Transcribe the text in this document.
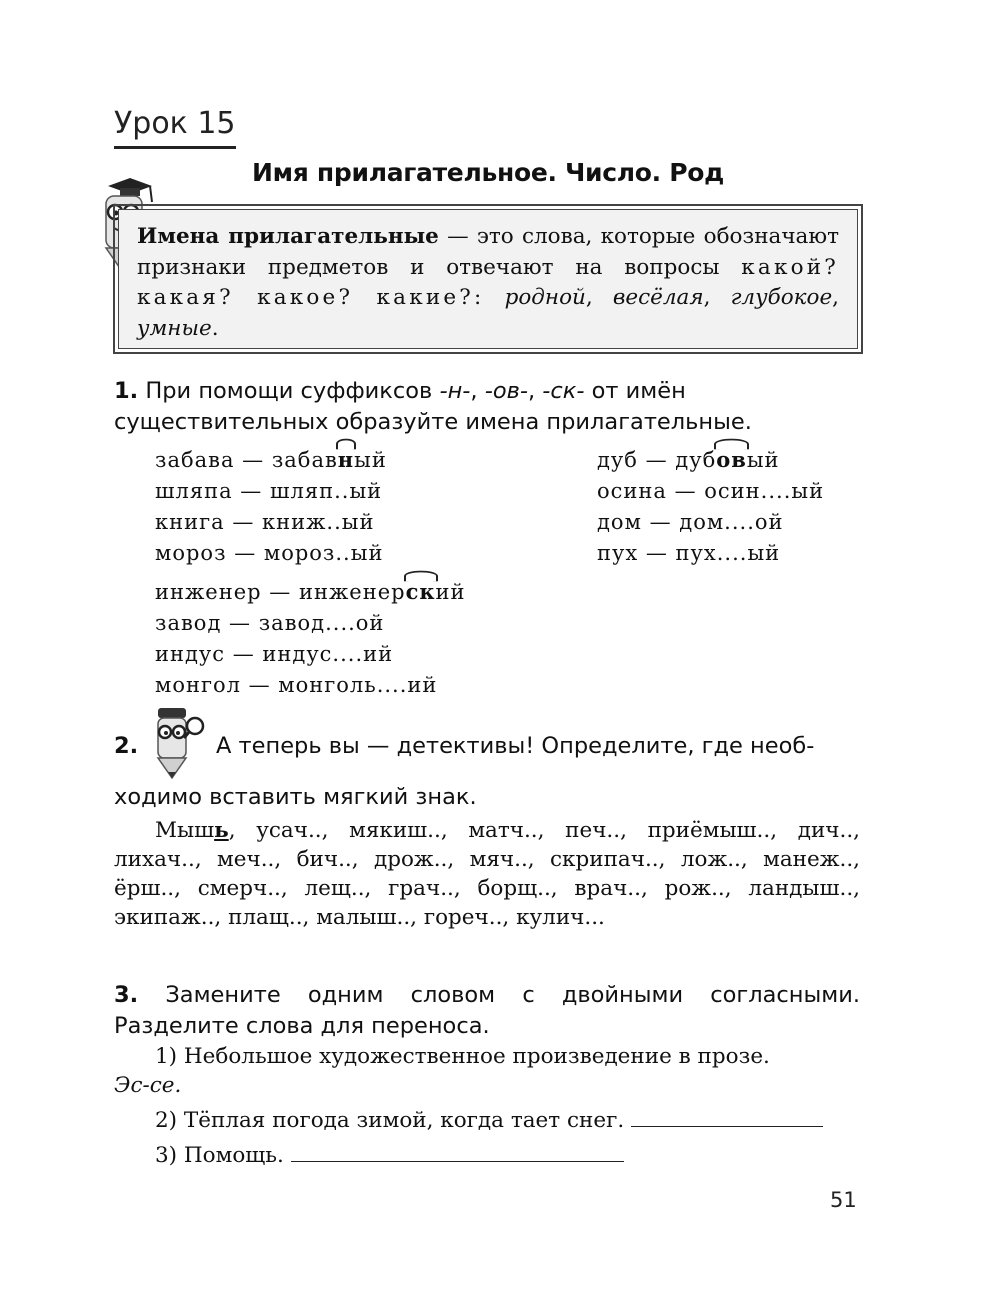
Урок 15
Имя прилагательное. Число. Род
Имена прилагательные — это слова, которые обозначают признаки предметов и отвечают на вопросы какой? какая? какое? какие?: родной, весёлая, глубокое, умные.
1. При помощи суффиксов -н-, -ов-, -ск- от имён существительных образуйте имена прилагательные.
забава — забавный
шляпа — шляп..ый
книга — книж..ый
мороз — мороз..ый
дуб — дубовый
осина — осин....ый
дом — дом....ой
пух — пух....ый
инженер — инженерский
завод — завод....ой
индус — индус....ий
монгол — монголь....ий
2.	А теперь вы — детективы! Определите, где необ-
ходимо вставить мягкий знак.
Мышь, усач.., мякиш.., матч.., печ.., приёмыш.., дич.., лихач.., меч.., бич.., дрож.., мяч.., скрипач.., лож.., манеж.., ёрш.., смерч.., лещ.., грач.., борщ.., врач.., рож.., ландыш.., экипаж.., плащ.., малыш.., гореч.., кулич...
3. Замените одним словом с двойными согласными. Разделите слова для переноса.
1) Небольшое художественное произведение в прозе.
Эс-се.
2) Тёплая погода зимой, когда тает снег.
3) Помощь.
51
